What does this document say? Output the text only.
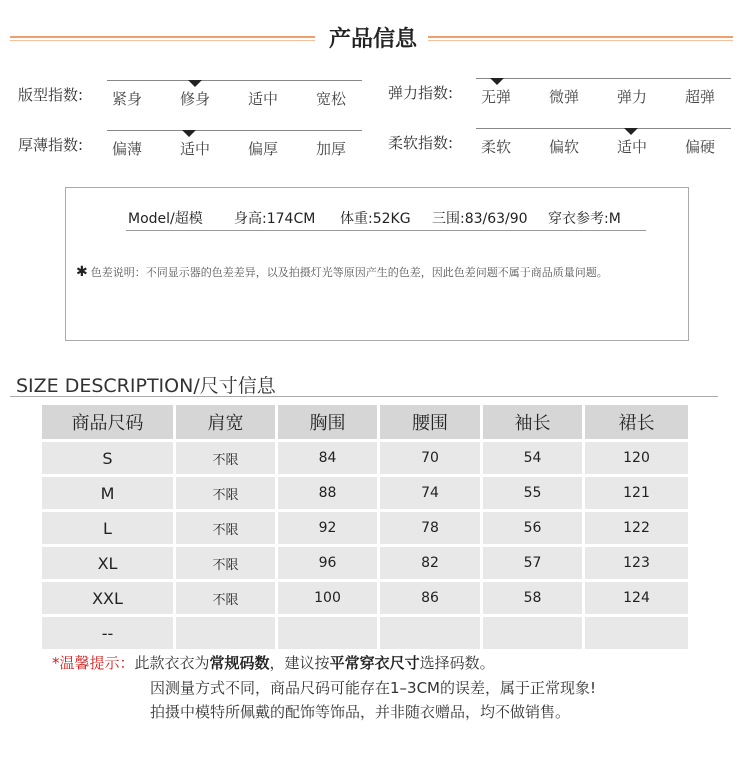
产品信息
版型指数: 紧身	修身	适中	宽松	弹力指数: 无弹	微弹	弹力	超弹
厚薄指数: 偏薄	适中	偏厚	加厚	柔软指数: 柔软	偏软	适中	偏硬
Model/超模 身高:174CM 体重:52KG 三围:83/63/90 穿衣参考:M
✱ 色差说明：不同显示器的色差差异，以及拍摄灯光等原因产生的色差，因此色差问题不属于商品质量问题。
SIZE DESCRIPTION/尺寸信息
商品尺码	肩宽	胸围	腰围	袖长	裙长
S	不限	84	70	54	120
M	不限	88	74	55	121
L	不限	92	78	56	122
XL	不限	96	82	57	123
XXL	不限	100	86	58	124
--
*温馨提示：此款衣衣为常规码数，建议按平常穿衣尺寸选择码数。
因测量方式不同，商品尺码可能存在1–3CM的误差，属于正常现象!
拍摄中模特所佩戴的配饰等饰品，并非随衣赠品，均不做销售。
